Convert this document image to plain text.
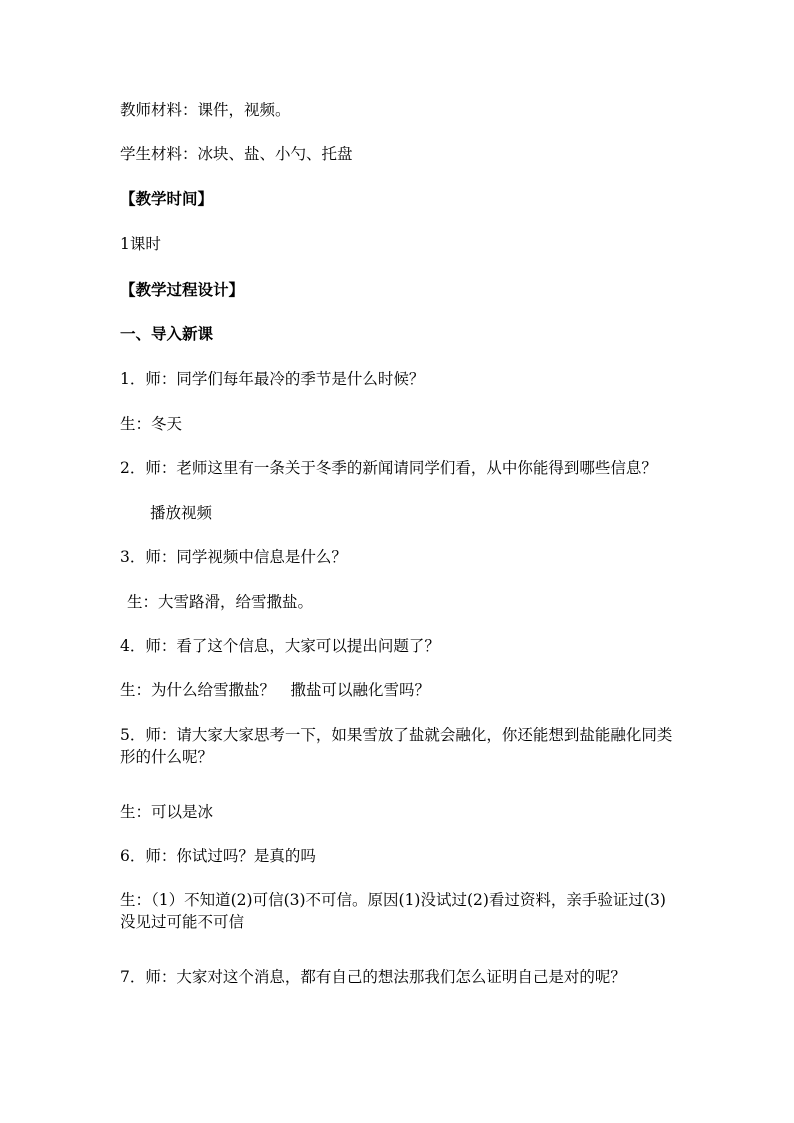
教师材料：课件，视频。
学生材料：冰块、盐、小勺、托盘
【教学时间】
1课时
【教学过程设计】
一、导入新课
1．师：同学们每年最冷的季节是什么时候？
生：冬天
2．师：老师这里有一条关于冬季的新闻请同学们看，从中你能得到哪些信息？
播放视频
3．师：同学视频中信息是什么？
生：大雪路滑，给雪撒盐。
4．师：看了这个信息，大家可以提出问题了？
生：为什么给雪撒盐？　撒盐可以融化雪吗？
5．师：请大家大家思考一下，如果雪放了盐就会融化，你还能想到盐能融化同类形的什么呢？
生：可以是冰
6．师：你试过吗？是真的吗
生：（1）不知道(2)可信(3)不可信。原因(1)没试过(2)看过资料，亲手验证过(3)没见过可能不可信
7．师：大家对这个消息，都有自己的想法那我们怎么证明自己是对的呢？
